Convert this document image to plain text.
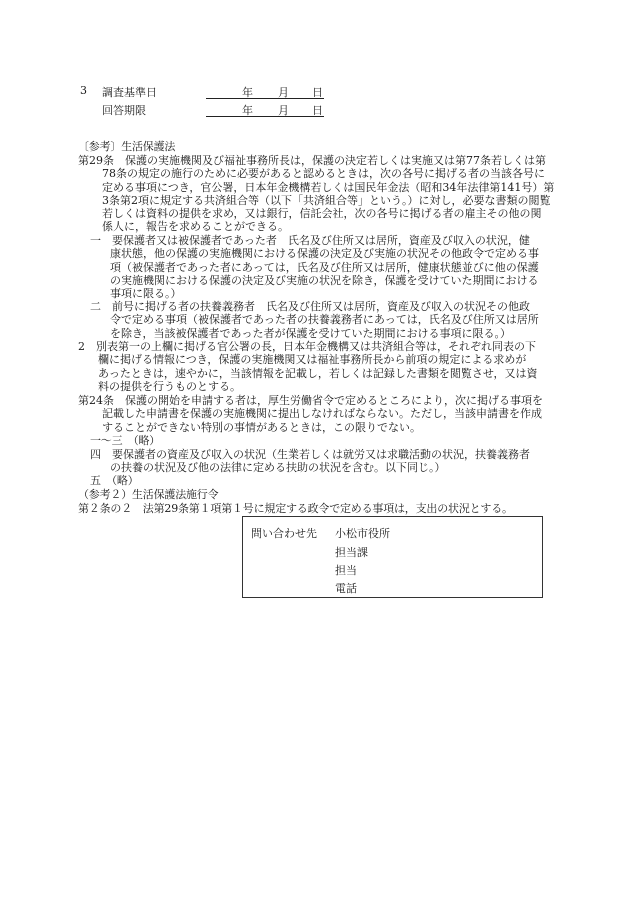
3 調査基準日	年 月 日
回答期限	年 月 日
〔参考〕生活保護法
第29条　保護の実施機関及び福祉事務所長は，保護の決定若しくは実施又は第77条若しくは第
78条の規定の施行のために必要があると認めるときは，次の各号に掲げる者の当該各号に
定める事項につき，官公署，日本年金機構若しくは国民年金法（昭和34年法律第141号）第
3条第2項に規定する共済組合等（以下「共済組合等」という。）に対し，必要な書類の閲覧
若しくは資料の提供を求め，又は銀行，信託会社，次の各号に掲げる者の雇主その他の関
係人に，報告を求めることができる。
一　要保護者又は被保護者であった者　氏名及び住所又は居所，資産及び収入の状況，健
康状態，他の保護の実施機関における保護の決定及び実施の状況その他政令で定める事
項（被保護者であった者にあっては，氏名及び住所又は居所，健康状態並びに他の保護
の実施機関における保護の決定及び実施の状況を除き，保護を受けていた期間における
事項に限る。）
二　前号に掲げる者の扶養義務者　氏名及び住所又は居所，資産及び収入の状況その他政
令で定める事項（被保護者であった者の扶養義務者にあっては，氏名及び住所又は居所
を除き，当該被保護者であった者が保護を受けていた期間における事項に限る。）
2　別表第一の上欄に掲げる官公署の長，日本年金機構又は共済組合等は，それぞれ同表の下
欄に掲げる情報につき，保護の実施機関又は福祉事務所長から前項の規定による求めが
あったときは，速やかに，当該情報を記載し，若しくは記録した書類を閲覧させ，又は資
料の提供を行うものとする。
第24条　保護の開始を申請する者は，厚生労働省令で定めるところにより，次に掲げる事項を
記載した申請書を保護の実施機関に提出しなければならない。ただし，当該申請書を作成
することができない特別の事情があるときは，この限りでない。
一～三　（略）
四　要保護者の資産及び収入の状況（生業若しくは就労又は求職活動の状況，扶養義務者
の扶養の状況及び他の法律に定める扶助の状況を含む。以下同じ。）
五　（略）
（参考２）生活保護法施行令
第２条の２　法第29条第１項第１号に規定する政令で定める事項は，支出の状況とする。
問い合わせ先 小松市役所
担当課
担当
電話
